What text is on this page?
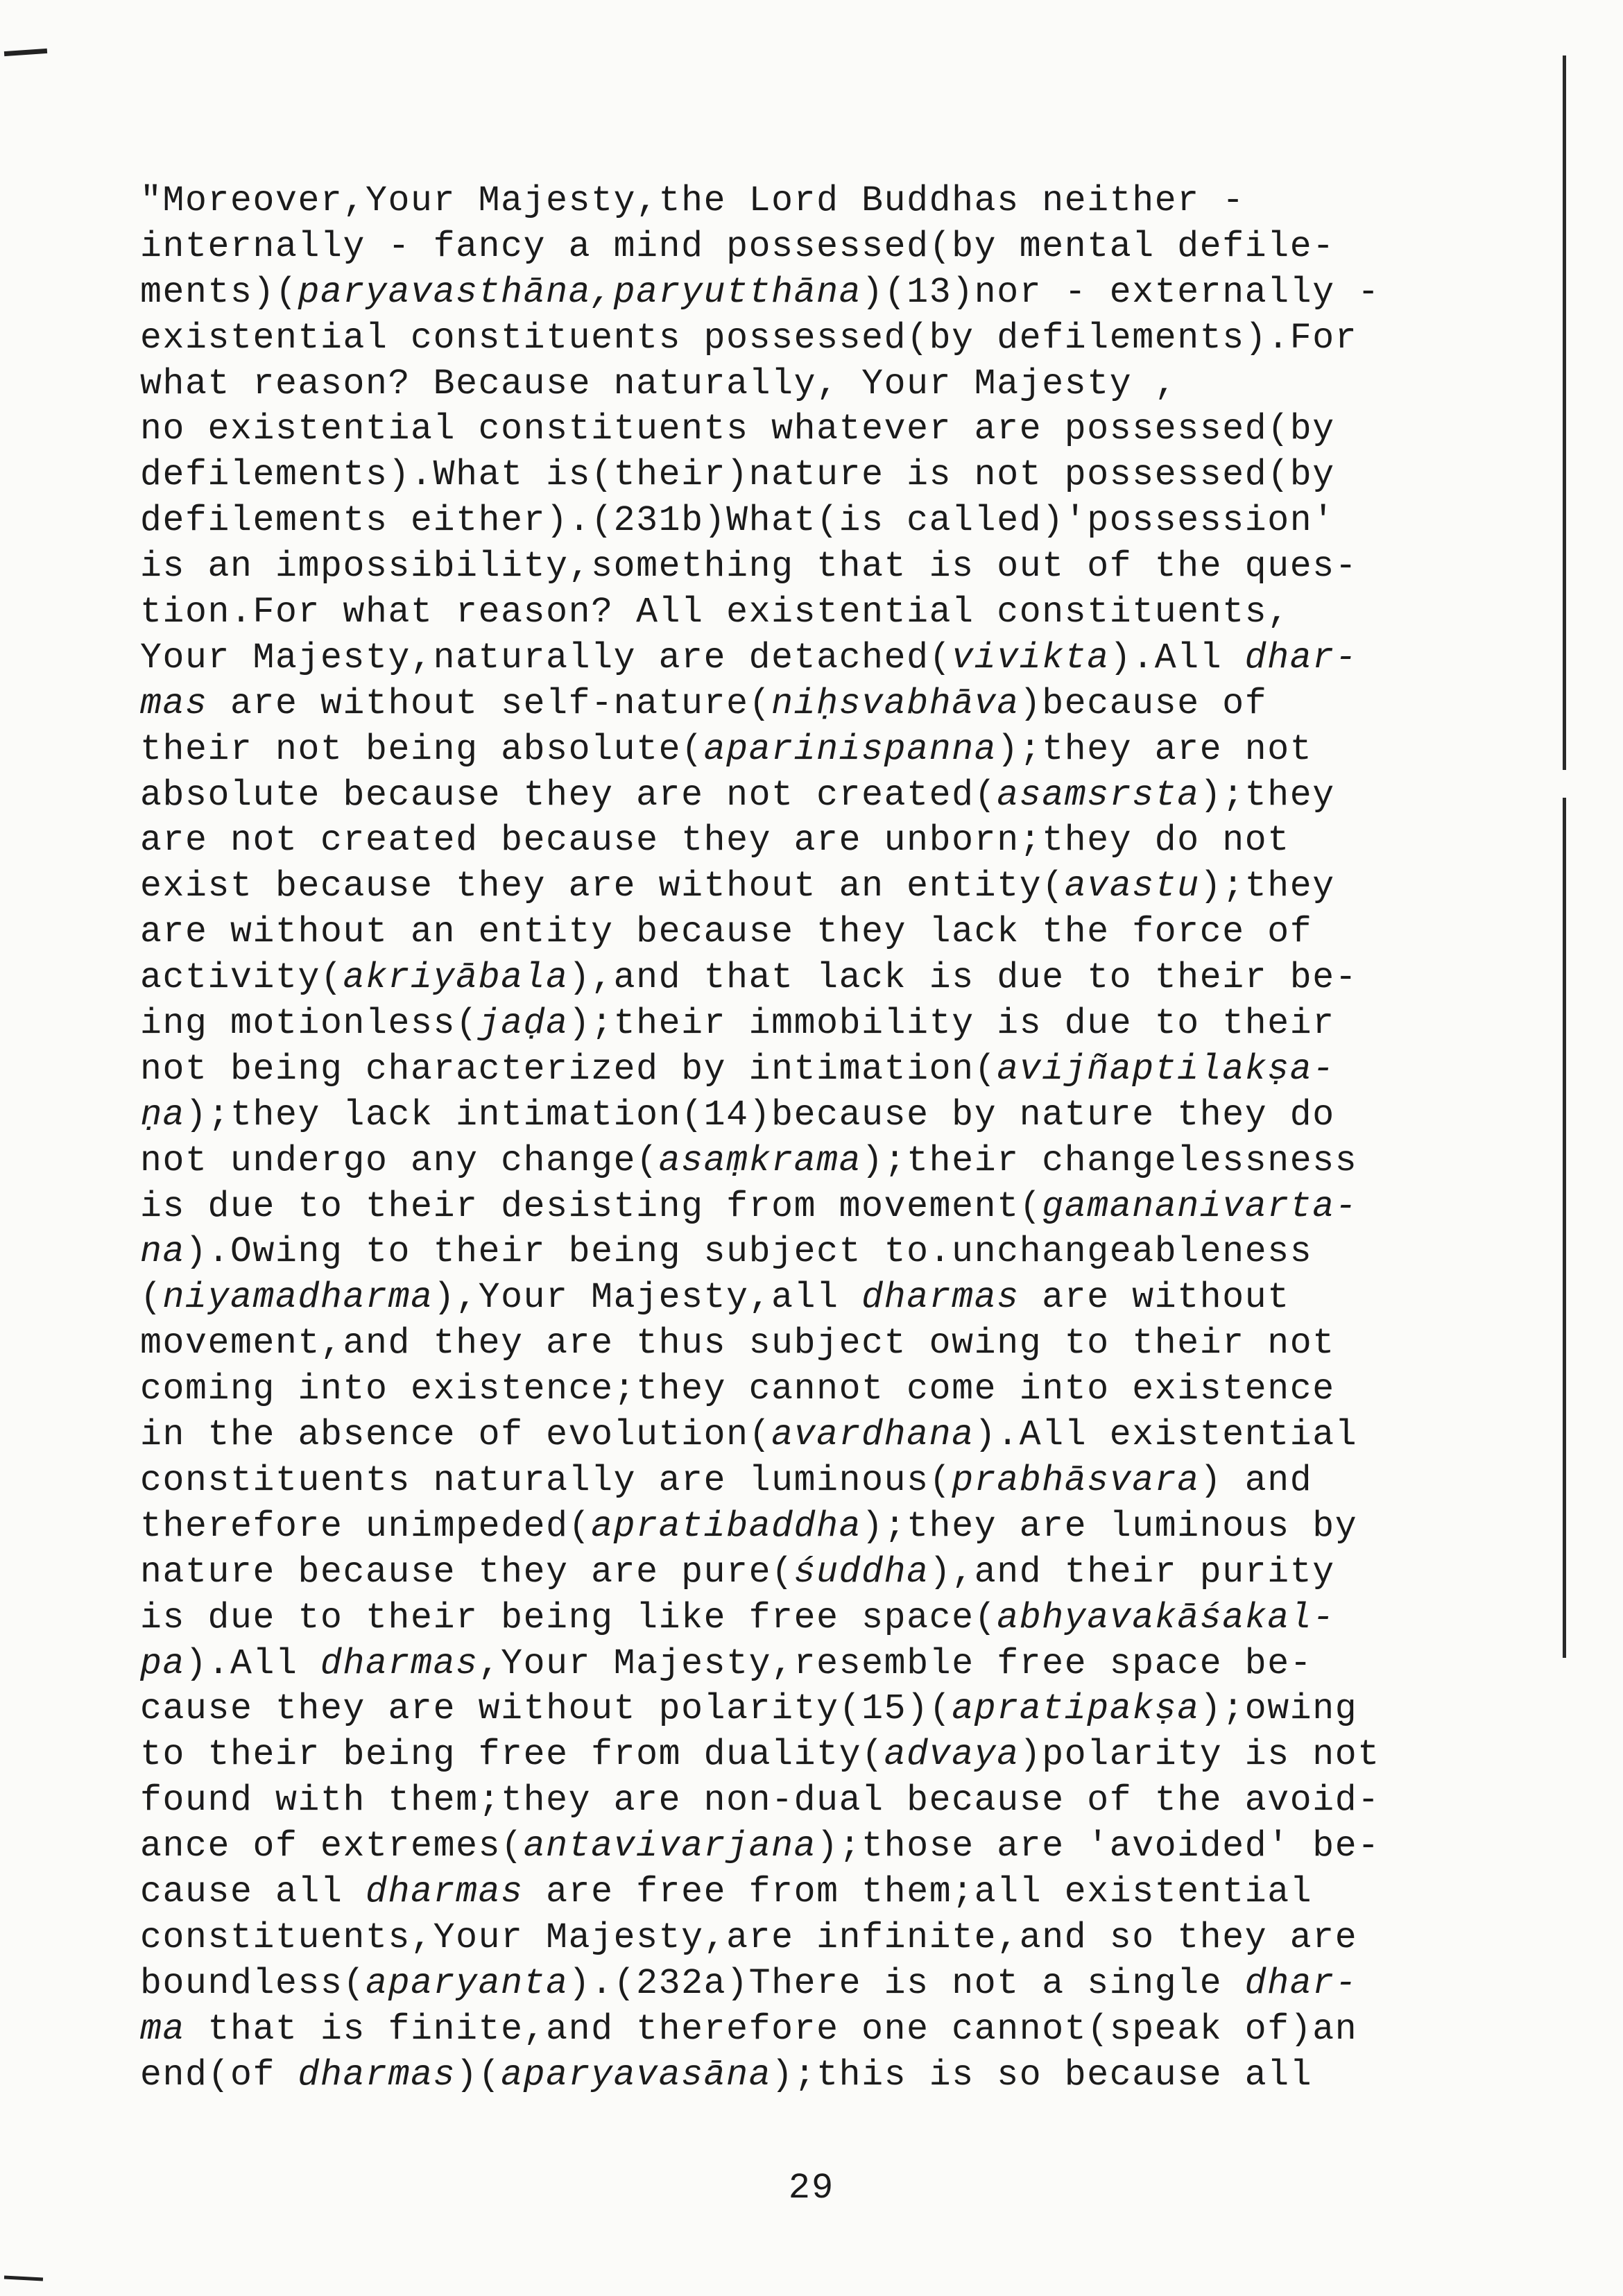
"Moreover,Your Majesty,the Lord Buddhas neither -
internally - fancy a mind possessed(by mental defile-
ments)(paryavasthāna,paryutthāna)(13)nor - externally -
existential constituents possessed(by defilements).For
what reason? Because naturally, Your Majesty ,
no existential constituents whatever are possessed(by
defilements).What is(their)nature is not possessed(by
defilements either).(231b)What(is called)'possession'
is an impossibility,something that is out of the ques-
tion.For what reason? All existential constituents,
Your Majesty,naturally are detached(vivikta).All dhar-
mas are without self-nature(niḥsvabhāva)because of
their not being absolute(aparinispanna);they are not
absolute because they are not created(asamsrsta);they
are not created because they are unborn;they do not
exist because they are without an entity(avastu);they
are without an entity because they lack the force of
activity(akriyābala),and that lack is due to their be-
ing motionless(jaḍa);their immobility is due to their
not being characterized by intimation(avijñaptilakṣa-
ṇa);they lack intimation(14)because by nature they do
not undergo any change(asaṃkrama);their changelessness
is due to their desisting from movement(gamananivarta-
na).Owing to their being subject to.unchangeableness
(niyamadharma),Your Majesty,all dharmas are without
movement,and they are thus subject owing to their not
coming into existence;they cannot come into existence
in the absence of evolution(avardhana).All existential
constituents naturally are luminous(prabhāsvara) and
therefore unimpeded(apratibaddha);they are luminous by
nature because they are pure(śuddha),and their purity
is due to their being like free space(abhyavakāśakal-
pa).All dharmas,Your Majesty,resemble free space be-
cause they are without polarity(15)(apratipakṣa);owing
to their being free from duality(advaya)polarity is not
found with them;they are non-dual because of the avoid-
ance of extremes(antavivarjana);those are 'avoided' be-
cause all dharmas are free from them;all existential
constituents,Your Majesty,are infinite,and so they are
boundless(aparyanta).(232a)There is not a single dhar-
ma that is finite,and therefore one cannot(speak of)an
end(of dharmas)(aparyavasāna);this is so because all
29
